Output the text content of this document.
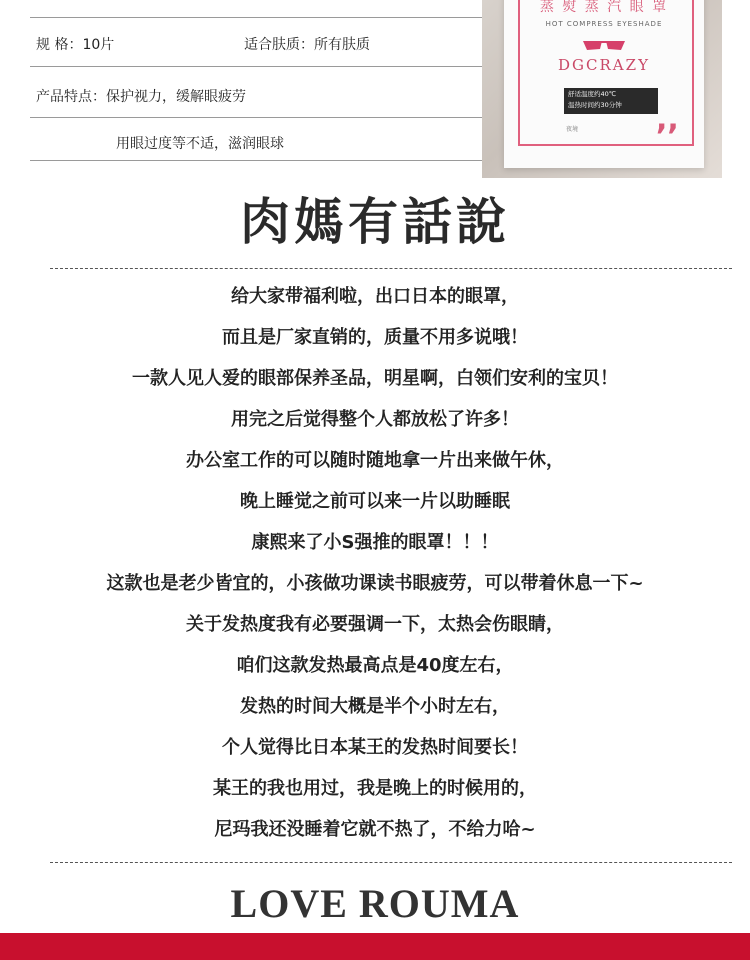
规 格：10片	适合肤质：所有肤质
产品特点：保护视力，缓解眼疲劳
用眼过度等不适，滋润眼球
蒸 熨 蒸 汽 眼 罩
HOT COMPRESS EYESHADE
DGCRAZY
舒适温度约40℃
温热时间约30分钟
夜境	,,
肉媽有話說
给大家带福利啦，出口日本的眼罩，
而且是厂家直销的，质量不用多说哦！
一款人见人爱的眼部保养圣品，明星啊，白领们安利的宝贝！
用完之后觉得整个人都放松了许多！
办公室工作的可以随时随地拿一片出来做午休，
晚上睡觉之前可以来一片以助睡眠
康熙来了小S强推的眼罩！！！
这款也是老少皆宜的，小孩做功课读书眼疲劳，可以带着休息一下~
关于发热度我有必要强调一下，太热会伤眼睛，
咱们这款发热最高点是40度左右，
发热的时间大概是半个小时左右，
个人觉得比日本某王的发热时间要长！
某王的我也用过，我是晚上的时候用的，
尼玛我还没睡着它就不热了，不给力哈~
LOVE ROUMA
